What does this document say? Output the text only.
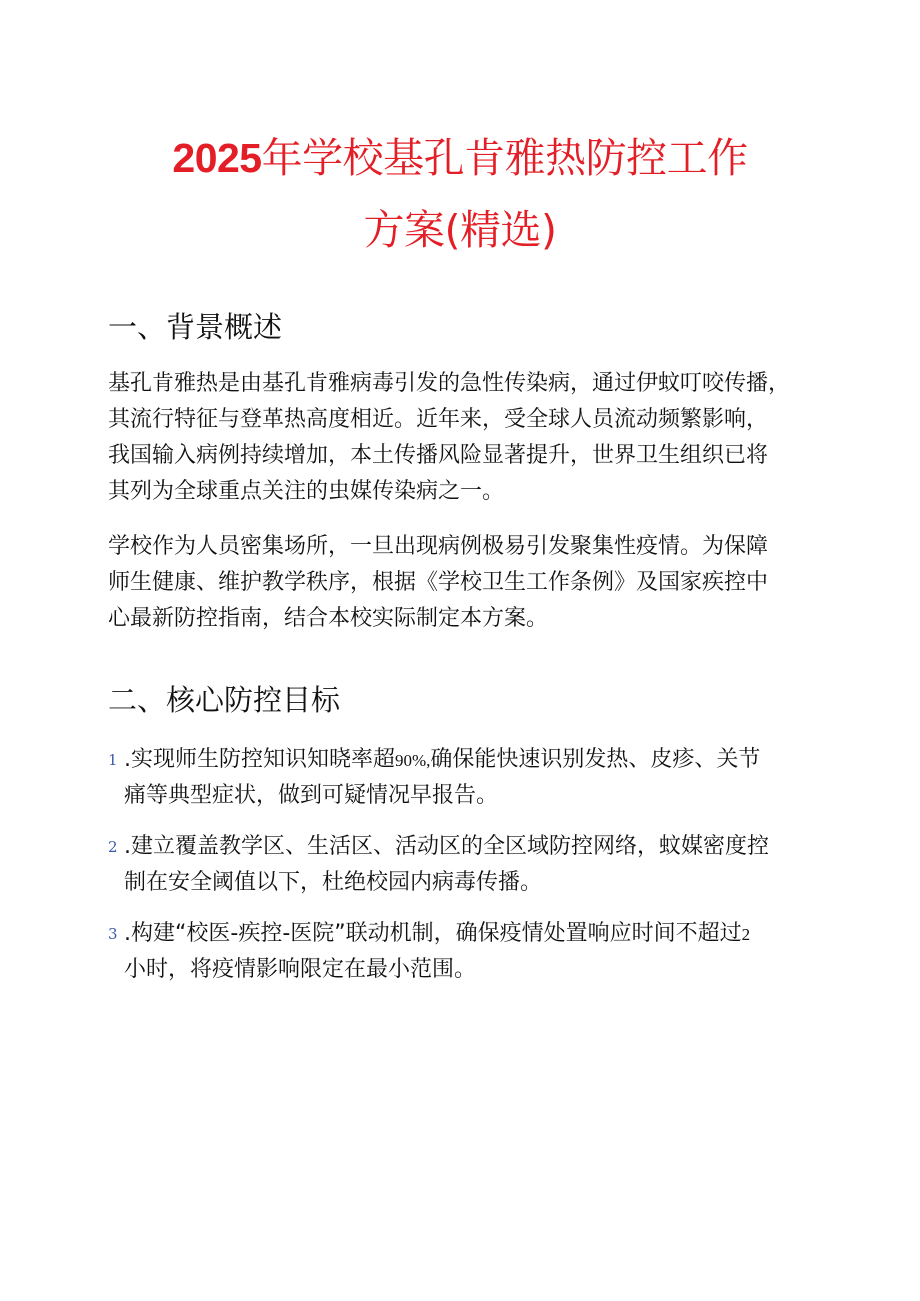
2025年学校基孔肯雅热防控工作
方案(精选)
一、背景概述
基孔肯雅热是由基孔肯雅病毒引发的急性传染病，通过伊蚊叮咬传播，
其流行特征与登革热高度相近。近年来，受全球人员流动频繁影响，
我国输入病例持续增加，本土传播风险显著提升，世界卫生组织已将
其列为全球重点关注的虫媒传染病之一。
学校作为人员密集场所，一旦出现病例极易引发聚集性疫情。为保障
师生健康、维护教学秩序，根据《学校卫生工作条例》及国家疾控中
心最新防控指南，结合本校实际制定本方案。
二、核心防控目标
1 .实现师生防控知识知晓率超90%,确保能快速识别发热、皮疹、关节
痛等典型症状，做到可疑情况早报告。
2 .建立覆盖教学区、生活区、活动区的全区域防控网络，蚊媒密度控
制在安全阈值以下，杜绝校园内病毒传播。
3 .构建“校医-疾控-医院”联动机制，确保疫情处置响应时间不超过2
小时，将疫情影响限定在最小范围。
